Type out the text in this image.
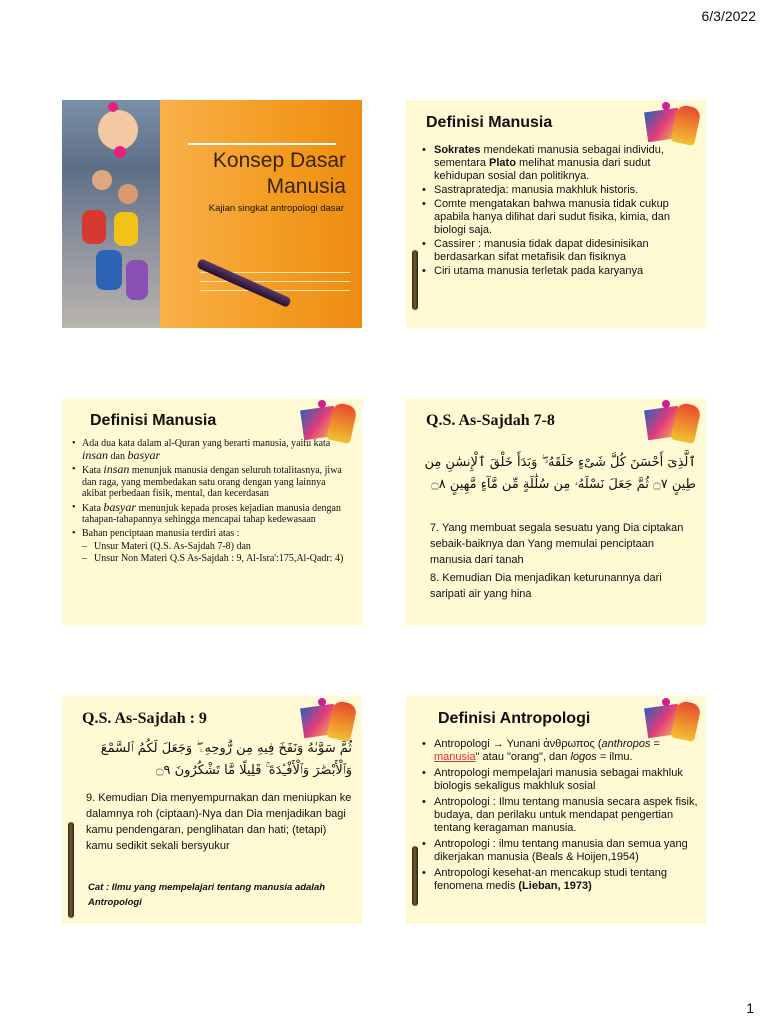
6/3/2022
Konsep Dasar
Manusia
Kajian singkat antropologi dasar
Definisi Manusia
• Sokrates mendekati manusia sebagai individu, sementara Plato melihat manusia dari sudut kehidupan sosial dan politiknya.
• Sastrapratedja: manusia makhluk historis.
• Comte mengatakan bahwa manusia tidak cukup apabila hanya dilihat dari sudut fisika, kimia, dan biologi saja.
• Cassirer : manusia tidak dapat didesinisikan berdasarkan sifat metafisik dan fisiknya
• Ciri utama manusia terletak pada karyanya
Definisi Manusia
• Ada dua kata dalam al-Quran yang berarti manusia, yaitu kata insan dan basyar
• Kata insan menunjuk manusia dengan seluruh totalitasnya, jiwa dan raga, yang membedakan satu orang dengan yang lainnya akibat perbedaan fisik, mental, dan kecerdasan
• Kata basyar menunjuk kepada proses kejadian manusia dengan tahapan-tahapannya sehingga mencapai tahap kedewasaan
• Bahan penciptaan manusia terdiri atas :
– Unsur Materi (Q.S. As-Sajdah 7-8) dan
– Unsur Non Materi Q.S As-Sajdah : 9, Al-Isra':175,Al-Qadr: 4)
Q.S. As-Sajdah 7-8
ٱلَّذِىٓ أَحْسَنَ كُلَّ شَىْءٍ خَلَقَهُۥ ۖ وَبَدَأَ خَلْقَ ٱلْإِنسَٰنِ مِن طِينٍ ۝٧ ثُمَّ جَعَلَ نَسْلَهُۥ مِن سُلَٰلَةٍ مِّن مَّآءٍ مَّهِينٍ ۝٨
7. Yang membuat segala sesuatu yang Dia ciptakan sebaik-baiknya dan Yang memulai penciptaan manusia dari tanah
8. Kemudian Dia menjadikan keturunannya dari saripati air yang hina
Q.S. As-Sajdah : 9
ثُمَّ سَوَّىٰهُ وَنَفَخَ فِيهِ مِن رُّوحِهِۦ ۖ وَجَعَلَ لَكُمُ ٱلسَّمْعَ وَٱلْأَبْصَٰرَ وَٱلْأَفْـِٔدَةَ ۚ قَلِيلًا مَّا تَشْكُرُونَ ۝٩
9. Kemudian Dia menyempurnakan dan meniupkan ke dalamnya roh (ciptaan)-Nya dan Dia menjadikan bagi kamu pendengaran, penglihatan dan hati; (tetapi) kamu sedikit sekali bersyukur
Cat : Ilmu yang mempelajari tentang manusia adalah Antropologi
Definisi Antropologi
• Antropologi → Yunani ἀνθρωπος (anthropos = manusia" atau "orang", dan logos = ilmu.
• Antropologi mempelajari manusia sebagai makhluk biologis sekaligus makhluk sosial
• Antropologi : Ilmu tentang manusia secara aspek fisik, budaya, dan perilaku untuk mendapat pengertian tentang keragaman manusia.
• Antropologi : ilmu tentang manusia dan semua yang dikerjakan manusia (Beals & Hoijen,1954)
• Antropologi kesehat-an mencakup studi tentang fenomena medis (Lieban, 1973)
1
